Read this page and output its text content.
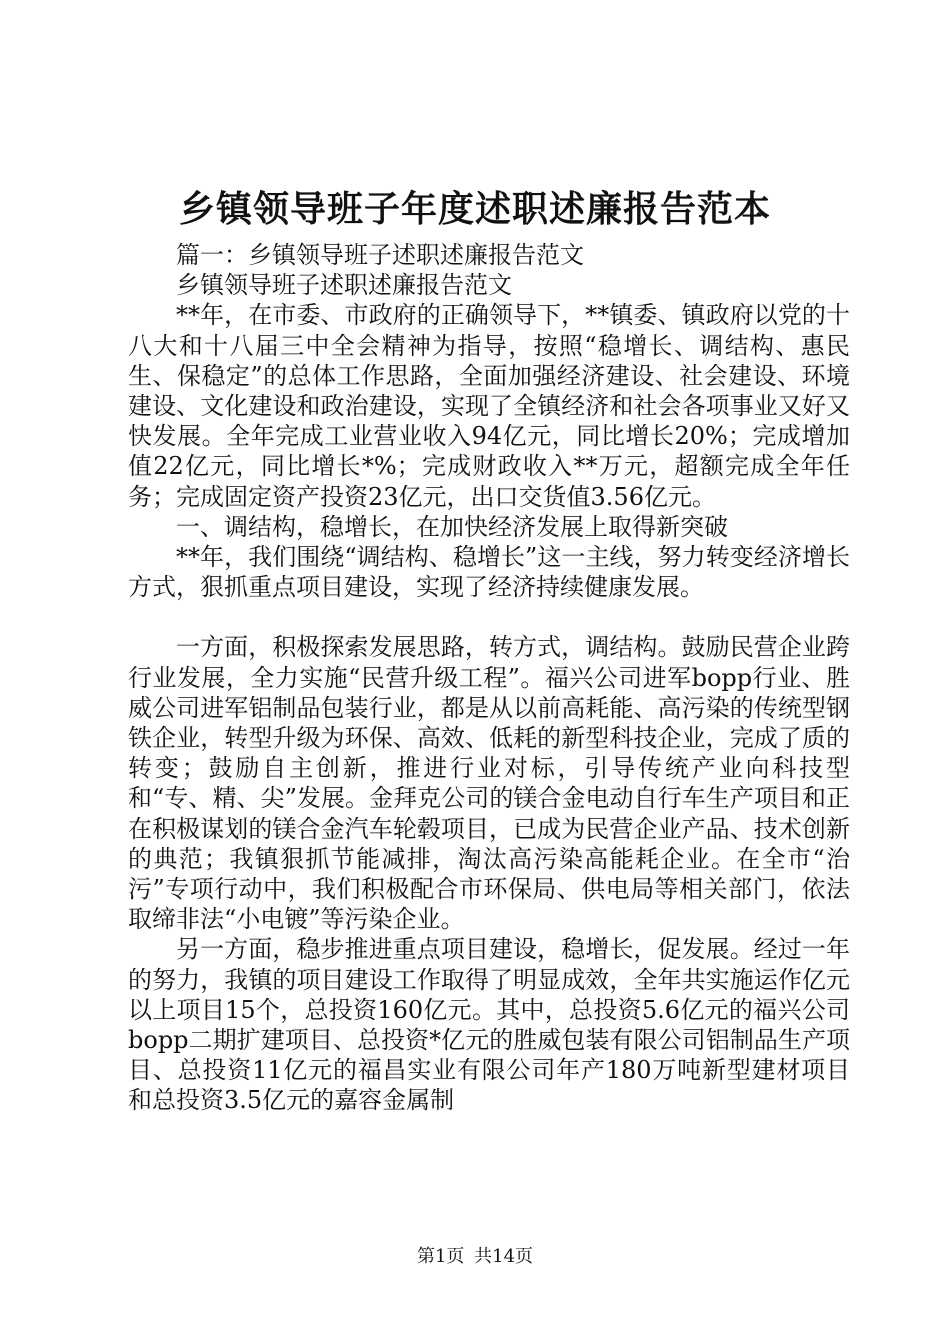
乡镇领导班子年度述职述廉报告范本

篇一：乡镇领导班子述职述廉报告范文

乡镇领导班子述职述廉报告范文

**年，在市委、市政府的正确领导下，**镇委、镇政府以党的十八大和十八届三中全会精神为指导，按照“稳增长、调结构、惠民生、保稳定”的总体工作思路，全面加强经济建设、社会建设、环境建设、文化建设和政治建设，实现了全镇经济和社会各项事业又好又快发展。全年完成工业营业收入94亿元，同比增长20%；完成增加值22亿元，同比增长*%；完成财政收入**万元，超额完成全年任务；完成固定资产投资23亿元，出口交货值3.56亿元。

一、调结构，稳增长，在加快经济发展上取得新突破

**年，我们围绕“调结构、稳增长”这一主线，努力转变经济增长方式，狠抓重点项目建设，实现了经济持续健康发展。

一方面，积极探索发展思路，转方式，调结构。鼓励民营企业跨行业发展，全力实施“民营升级工程”。福兴公司进军bopp行业、胜威公司进军铝制品包装行业，都是从以前高耗能、高污染的传统型钢铁企业，转型升级为环保、高效、低耗的新型科技企业，完成了质的转变；鼓励自主创新，推进行业对标，引导传统产业向科技型和“专、精、尖”发展。金拜克公司的镁合金电动自行车生产项目和正在积极谋划的镁合金汽车轮毂项目，已成为民营企业产品、技术创新的典范；我镇狠抓节能减排，淘汰高污染高能耗企业。在全市“治污”专项行动中，我们积极配合市环保局、供电局等相关部门，依法取缔非法“小电镀”等污染企业。

另一方面，稳步推进重点项目建设，稳增长，促发展。经过一年的努力，我镇的项目建设工作取得了明显成效，全年共实施运作亿元以上项目15个，总投资160亿元。其中，总投资5.6亿元的福兴公司bopp二期扩建项目、总投资*亿元的胜威包装有限公司铝制品生产项目、总投资11亿元的福昌实业有限公司年产180万吨新型建材项目和总投资3.5亿元的嘉容金属制

第1页 共14页
